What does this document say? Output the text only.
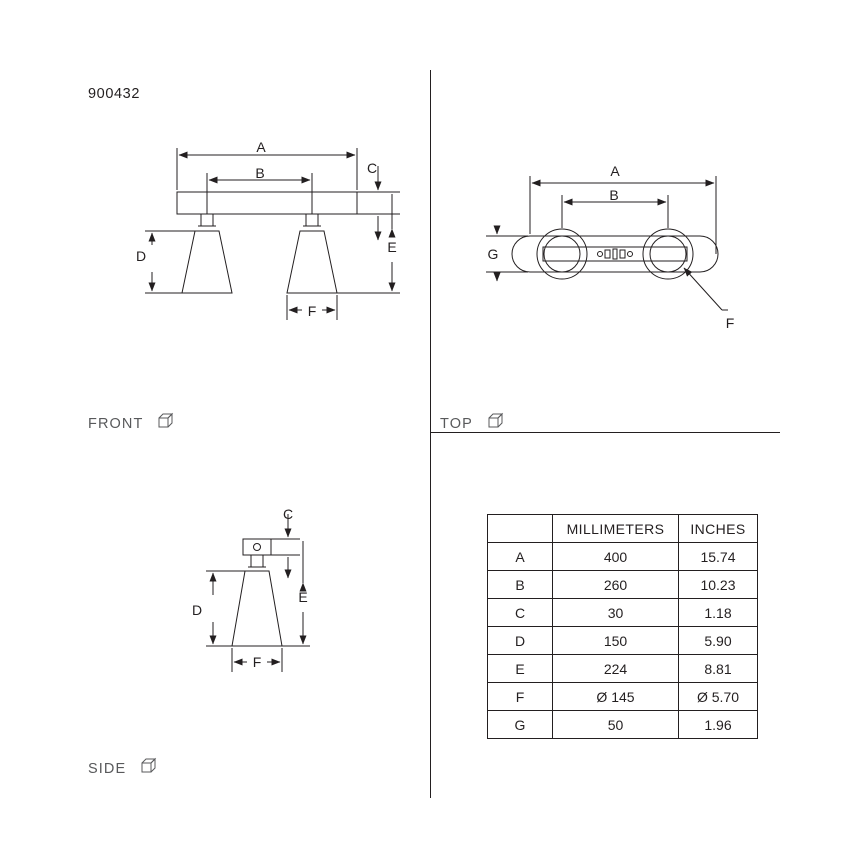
900432
A
B	C
E
D
F
A
B
G
F
C
E
D
F
FRONT	TOP
SIDE
	MILLIMETERS	INCHES
A	400	15.74
B	260	10.23
C	30	1.18
D	150	5.90
E	224	8.81
F	Ø 145	Ø 5.70
G	50	1.96
